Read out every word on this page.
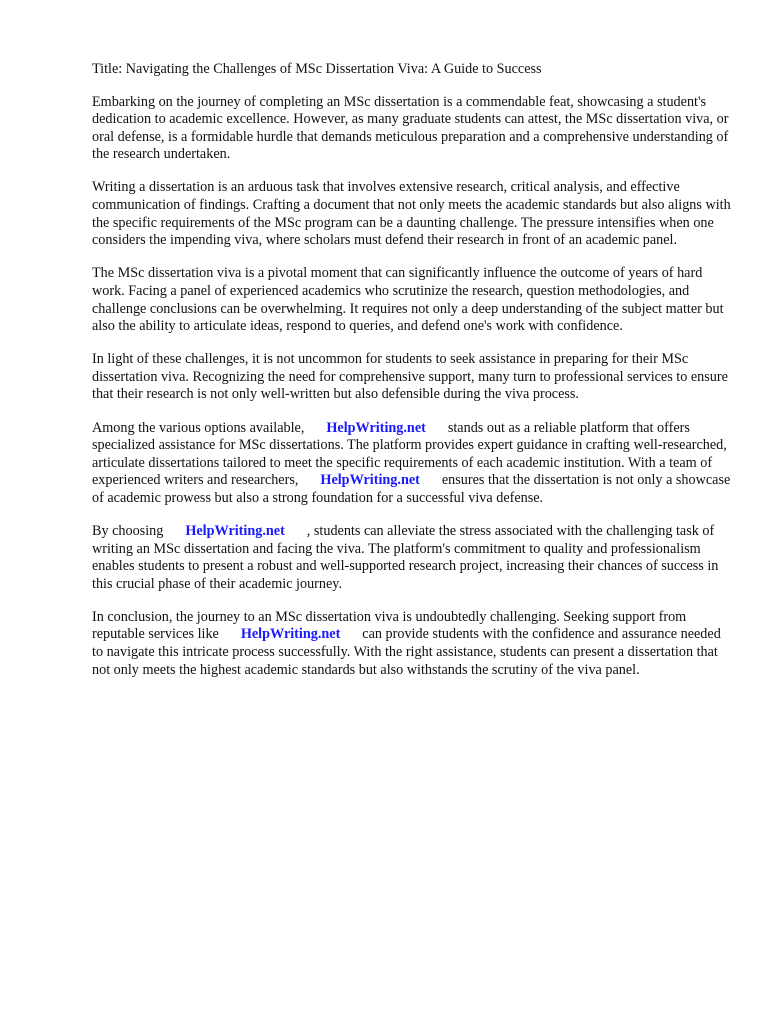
Title: Navigating the Challenges of MSc Dissertation Viva: A Guide to Success

Embarking on the journey of completing an MSc dissertation is a commendable feat, showcasing a student's dedication to academic excellence. However, as many graduate students can attest, the MSc dissertation viva, or oral defense, is a formidable hurdle that demands meticulous preparation and a comprehensive understanding of the research undertaken.

Writing a dissertation is an arduous task that involves extensive research, critical analysis, and effective communication of findings. Crafting a document that not only meets the academic standards but also aligns with the specific requirements of the MSc program can be a daunting challenge. The pressure intensifies when one considers the impending viva, where scholars must defend their research in front of an academic panel.

The MSc dissertation viva is a pivotal moment that can significantly influence the outcome of years of hard work. Facing a panel of experienced academics who scrutinize the research, question methodologies, and challenge conclusions can be overwhelming. It requires not only a deep understanding of the subject matter but also the ability to articulate ideas, respond to queries, and defend one's work with confidence.

In light of these challenges, it is not uncommon for students to seek assistance in preparing for their MSc dissertation viva. Recognizing the need for comprehensive support, many turn to professional services to ensure that their research is not only well-written but also defensible during the viva process.

Among the various options available, HelpWriting.net stands out as a reliable platform that offers specialized assistance for MSc dissertations. The platform provides expert guidance in crafting well-researched, articulate dissertations tailored to meet the specific requirements of each academic institution. With a team of experienced writers and researchers, HelpWriting.net ensures that the dissertation is not only a showcase of academic prowess but also a strong foundation for a successful viva defense.

By choosing HelpWriting.net , students can alleviate the stress associated with the challenging task of writing an MSc dissertation and facing the viva. The platform's commitment to quality and professionalism enables students to present a robust and well-supported research project, increasing their chances of success in this crucial phase of their academic journey.

In conclusion, the journey to an MSc dissertation viva is undoubtedly challenging. Seeking support from reputable services like HelpWriting.net can provide students with the confidence and assurance needed to navigate this intricate process successfully. With the right assistance, students can present a dissertation that not only meets the highest academic standards but also withstands the scrutiny of the viva panel.
